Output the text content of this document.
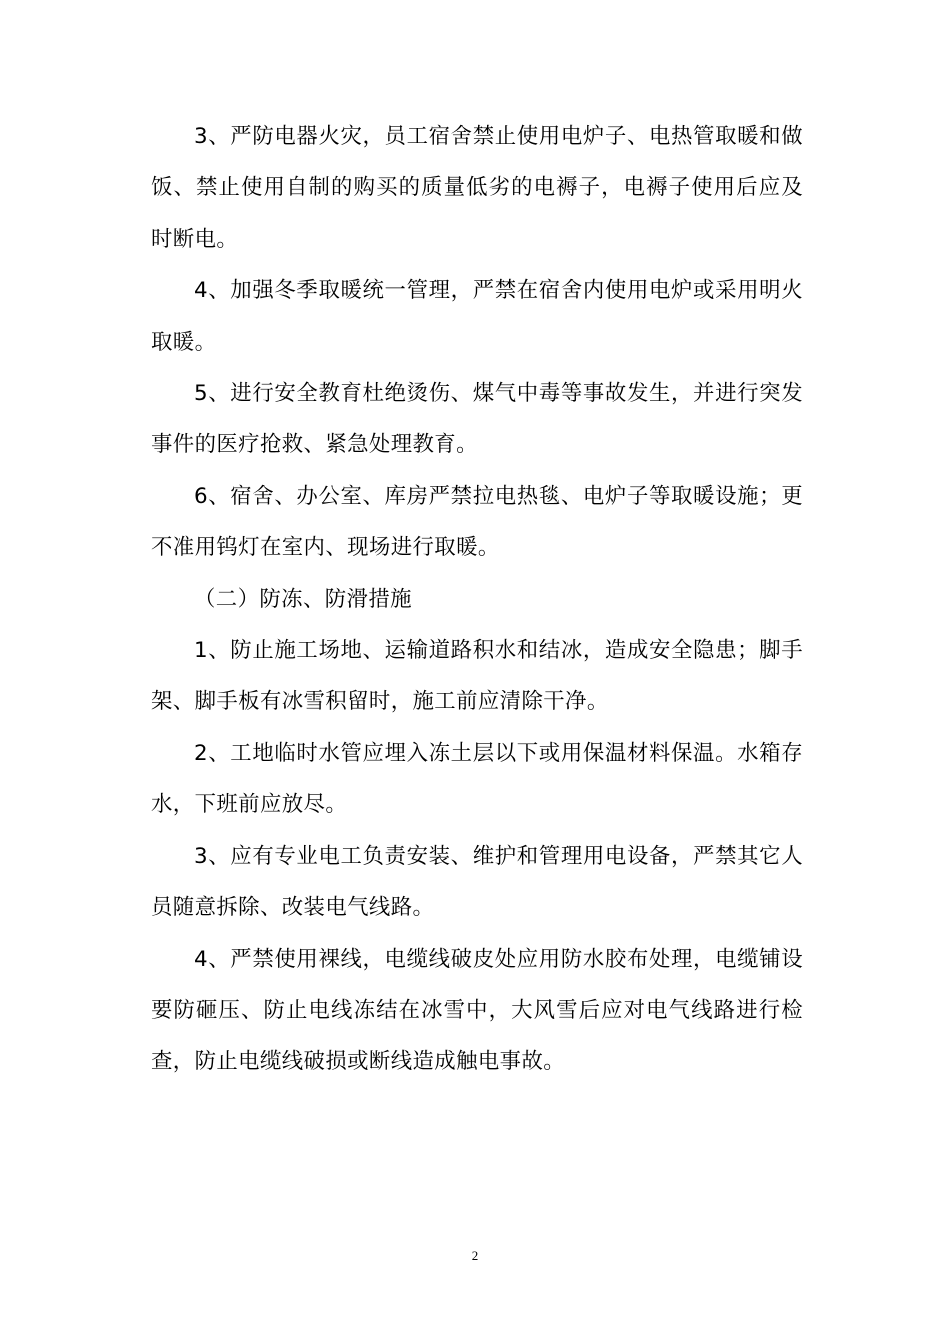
3、严防电器火灾，员工宿舍禁止使用电炉子、电热管取暖和做饭、禁止使用自制的购买的质量低劣的电褥子，电褥子使用后应及时断电。

4、加强冬季取暖统一管理，严禁在宿舍内使用电炉或采用明火取暖。

5、进行安全教育杜绝烫伤、煤气中毒等事故发生，并进行突发事件的医疗抢救、紧急处理教育。

6、宿舍、办公室、库房严禁拉电热毯、电炉子等取暖设施；更不准用钨灯在室内、现场进行取暖。

（二）防冻、防滑措施

1、防止施工场地、运输道路积水和结冰，造成安全隐患；脚手架、脚手板有冰雪积留时，施工前应清除干净。

2、工地临时水管应埋入冻土层以下或用保温材料保温。水箱存水，下班前应放尽。

3、应有专业电工负责安装、维护和管理用电设备，严禁其它人员随意拆除、改装电气线路。

4、严禁使用裸线，电缆线破皮处应用防水胶布处理，电缆铺设要防砸压、防止电线冻结在冰雪中，大风雪后应对电气线路进行检查，防止电缆线破损或断线造成触电事故。

2
